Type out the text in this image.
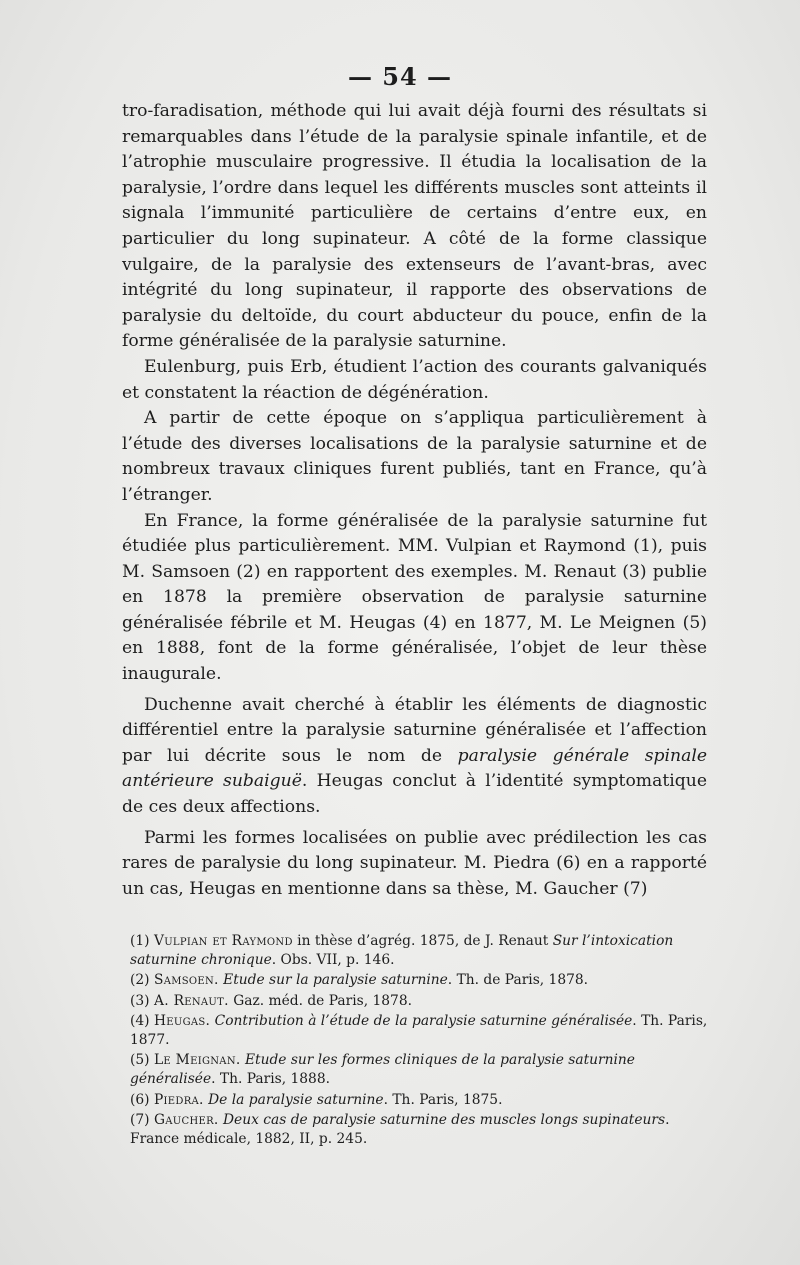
— 54 —

tro-faradisation, méthode qui lui avait déjà fourni des résultats si remarquables dans l’étude de la paralysie spinale infantile, et de l’atrophie musculaire progressive. Il étudia la localisation de la paralysie, l’ordre dans lequel les différents muscles sont atteints il signala l’immunité particulière de certains d’entre eux, en particulier du long supinateur. A côté de la forme classique vulgaire, de la paralysie des extenseurs de l’avant-bras, avec intégrité du long supinateur, il rapporte des observations de paralysie du deltoïde, du court abducteur du pouce, enfin de la forme généralisée de la paralysie saturnine.

Eulenburg, puis Erb, étudient l’action des courants galvaniqués et constatent la réaction de dégénération.

A partir de cette époque on s’appliqua particulièrement à l’étude des diverses localisations de la paralysie saturnine et de nombreux travaux cliniques furent publiés, tant en France, qu’à l’étranger.

En France, la forme généralisée de la paralysie saturnine fut étudiée plus particulièrement. MM. Vulpian et Raymond (1), puis M. Samsoen (2) en rapportent des exemples. M. Renaut (3) publie en 1878 la première observation de paralysie saturnine généralisée fébrile et M. Heugas (4) en 1877, M. Le Meignen (5) en 1888, font de la forme généralisée, l’objet de leur thèse inaugurale.

Duchenne avait cherché à établir les éléments de diagnostic différentiel entre la paralysie saturnine généralisée et l’affection par lui décrite sous le nom de paralysie générale spinale antérieure subaiguë. Heugas conclut à l’identité symptomatique de ces deux affections.

Parmi les formes localisées on publie avec prédilection les cas rares de paralysie du long supinateur. M. Piedra (6) en a rapporté un cas, Heugas en mentionne dans sa thèse, M. Gaucher (7)

(1) Vulpian et Raymond in thèse d’agrég. 1875, de J. Renaut Sur l’intoxication saturnine chronique. Obs. VII, p. 146.

(2) Samsoen. Etude sur la paralysie saturnine. Th. de Paris, 1878.

(3) A. Renaut. Gaz. méd. de Paris, 1878.

(4) Heugas. Contribution à l’étude de la paralysie saturnine généralisée. Th. Paris, 1877.

(5) Le Meignan. Etude sur les formes cliniques de la paralysie saturnine généralisée. Th. Paris, 1888.

(6) Piedra. De la paralysie saturnine. Th. Paris, 1875.

(7) Gaucher. Deux cas de paralysie saturnine des muscles longs supinateurs. France médicale, 1882, II, p. 245.
